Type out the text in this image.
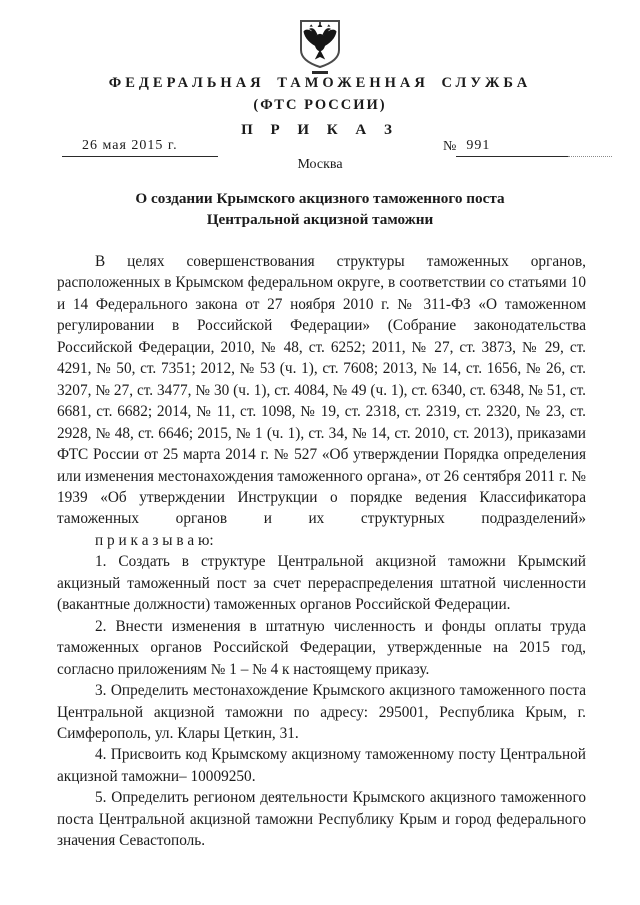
ФЕДЕРАЛЬНАЯ ТАМОЖЕННАЯ СЛУЖБА
(ФТС РОССИИ)
П Р И К А З
26 мая 2015 г.	№ 991
Москва
О создании Крымского акцизного таможенного поста
Центральной акцизной таможни

В целях совершенствования структуры таможенных органов, расположенных в Крымском федеральном округе, в соответствии со статьями 10 и 14 Федерального закона от 27 ноября 2010 г. № 311-ФЗ «О таможенном регулировании в Российской Федерации» (Собрание законодательства Российской Федерации, 2010, № 48, ст. 6252; 2011, № 27, ст. 3873, № 29, ст. 4291, № 50, ст. 7351; 2012, № 53 (ч. 1), ст. 7608; 2013, № 14, ст. 1656, № 26, ст. 3207, № 27, ст. 3477, № 30 (ч. 1), ст. 4084, № 49 (ч. 1), ст. 6340, ст. 6348, № 51, ст. 6681, ст. 6682; 2014, № 11, ст. 1098, № 19, ст. 2318, ст. 2319, ст. 2320, № 23, ст. 2928, № 48, ст. 6646; 2015, № 1 (ч. 1), ст. 34, № 14, ст. 2010, ст. 2013), приказами ФТС России от 25 марта 2014 г. № 527 «Об утверждении Порядка определения или изменения местонахождения таможенного органа», от 26 сентября 2011 г. № 1939 «Об утверждении Инструкции о порядке ведения Классификатора таможенных органов и их структурных подразделений»

п р и к а з ы в а ю:

1. Создать в структуре Центральной акцизной таможни Крымский акцизный таможенный пост за счет перераспределения штатной численности (вакантные должности) таможенных органов Российской Федерации.

2. Внести изменения в штатную численность и фонды оплаты труда таможенных органов Российской Федерации, утвержденные на 2015 год, согласно приложениям № 1 – № 4 к настоящему приказу.

3. Определить местонахождение Крымского акцизного таможенного поста Центральной акцизной таможни по адресу: 295001, Республика Крым, г. Симферополь, ул. Клары Цеткин, 31.

4. Присвоить код Крымскому акцизному таможенному посту Центральной акцизной таможни– 10009250.

5. Определить регионом деятельности Крымского акцизного таможенного поста Центральной акцизной таможни Республику Крым и город федерального значения Севастополь.
